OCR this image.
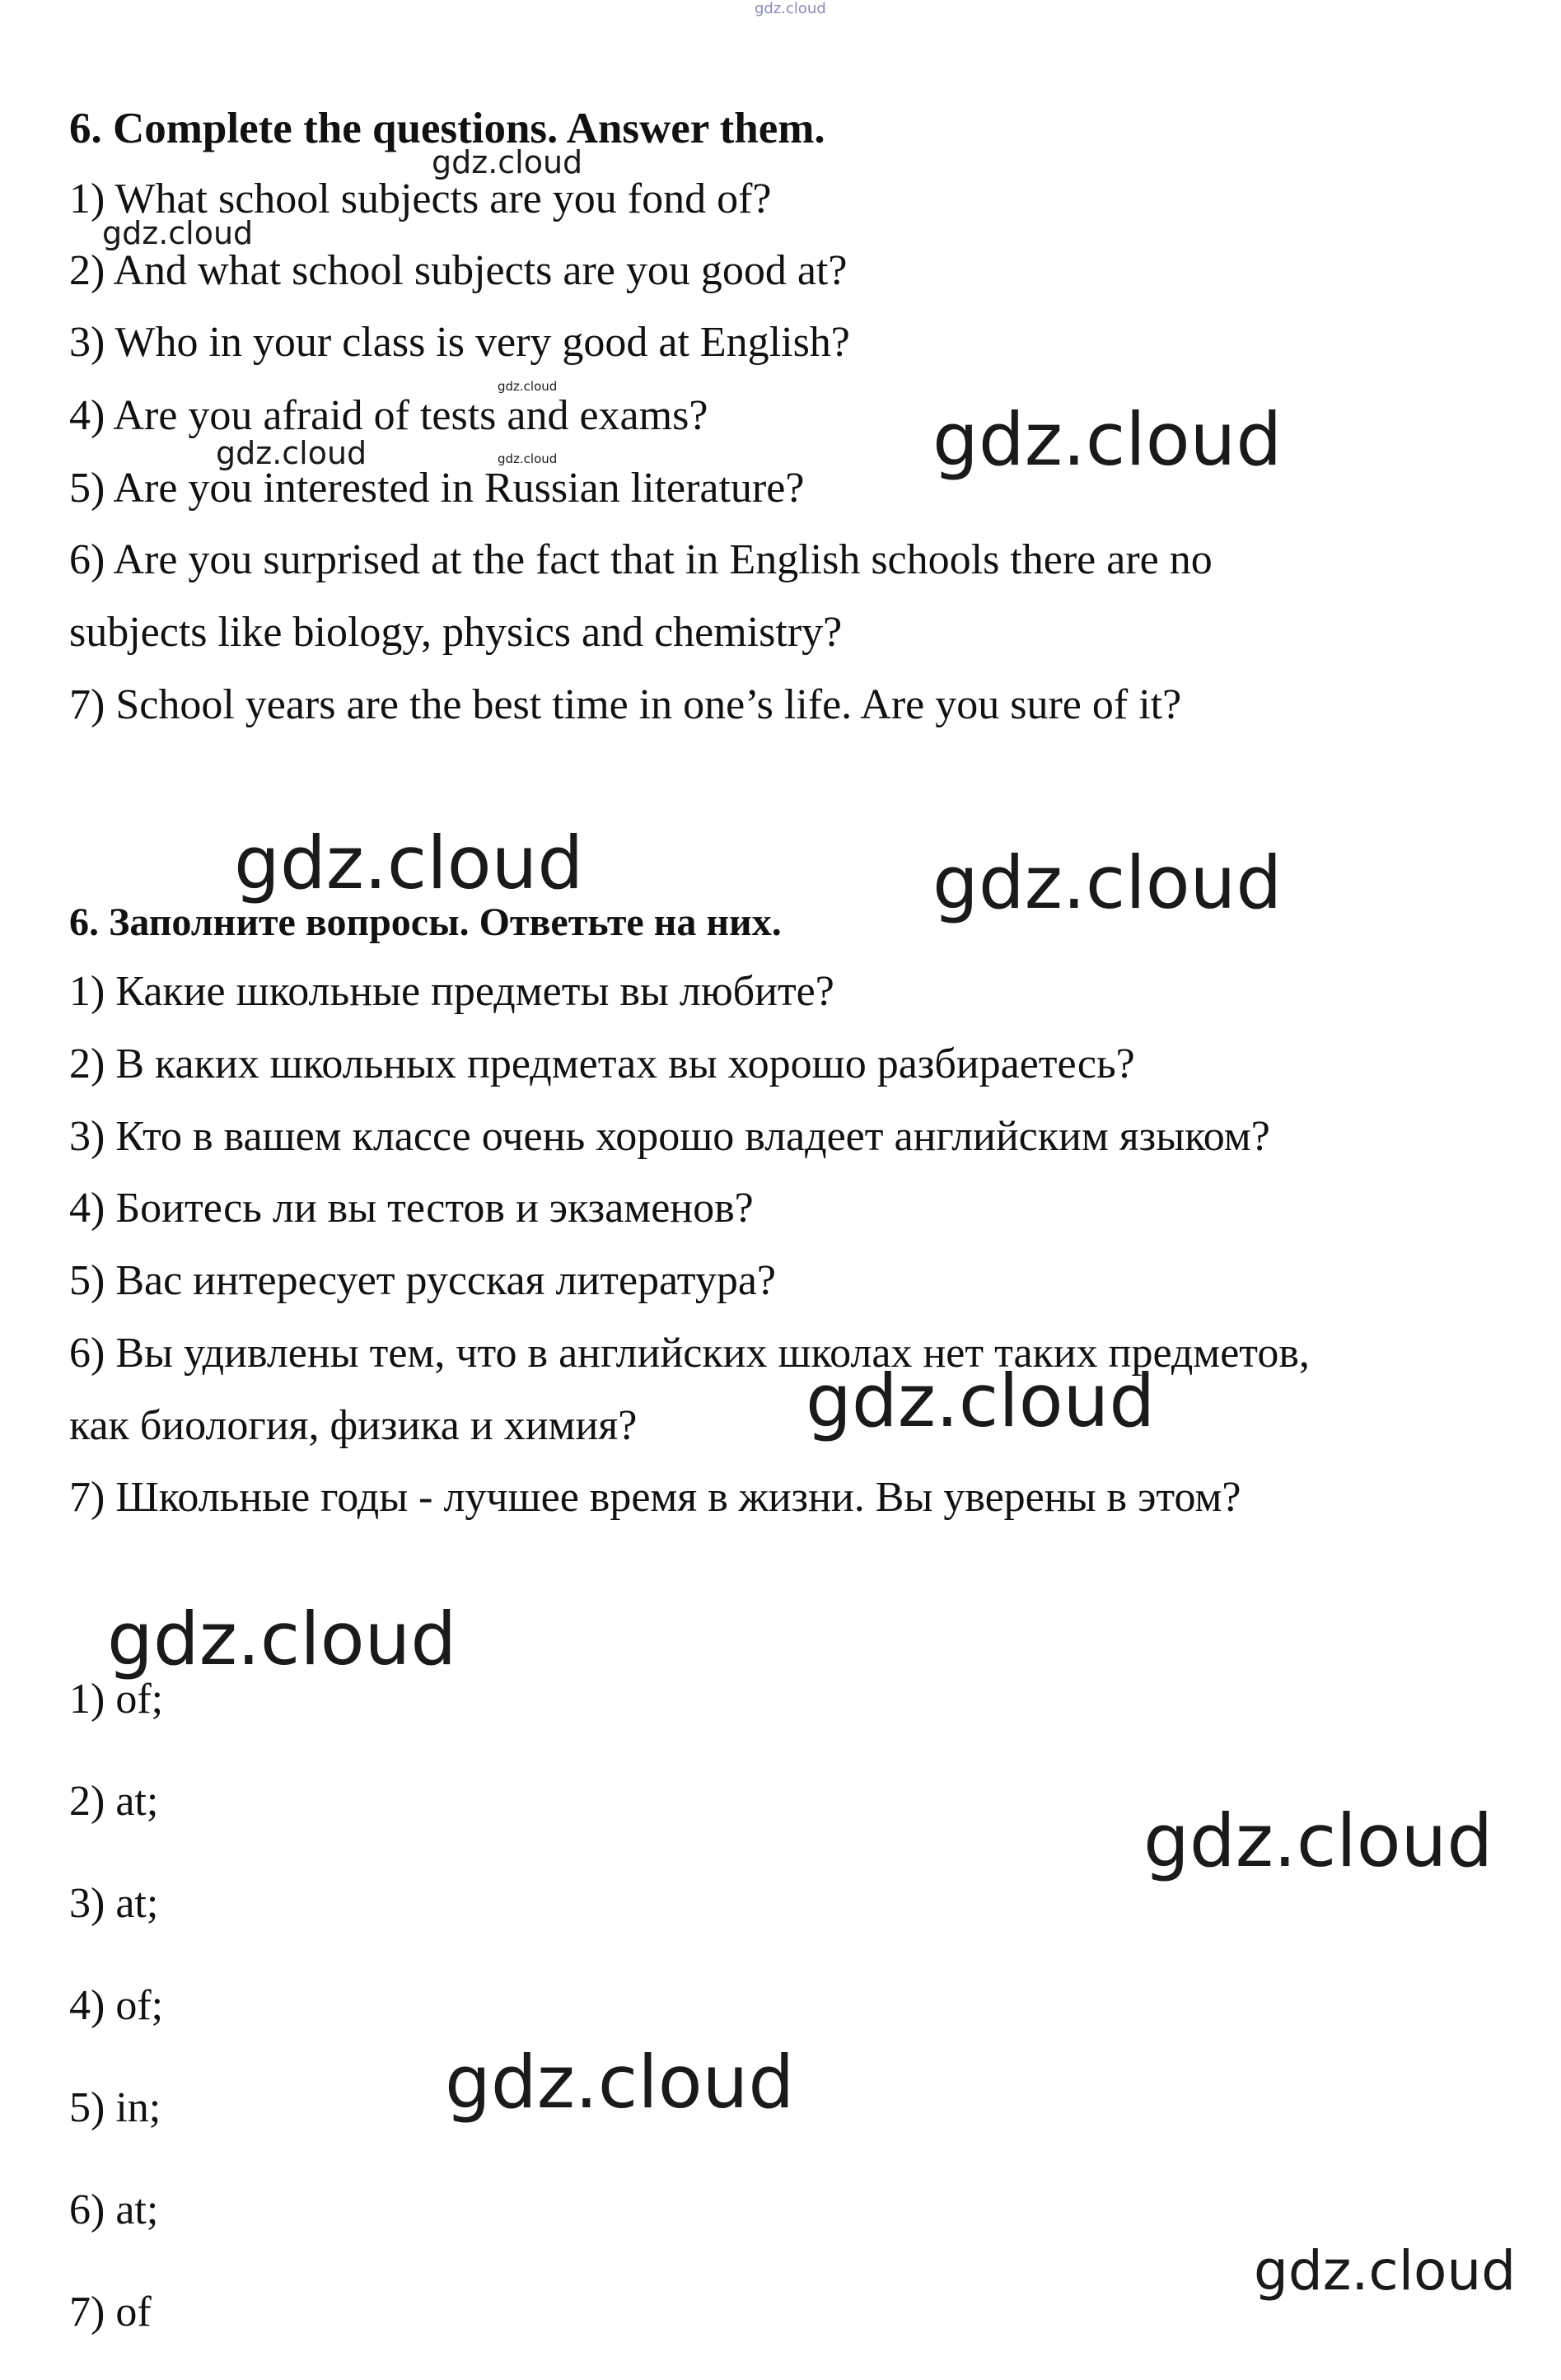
gdz.cloud
6. Complete the questions. Answer them.
1) What school subjects are you fond of?
2) And what school subjects are you good at?
3) Who in your class is very good at English?
4) Are you afraid of tests and exams?
5) Are you interested in Russian literature?
6) Are you surprised at the fact that in English schools there are no
subjects like biology, physics and chemistry?
7) School years are the best time in one’s life. Are you sure of it?
6. Заполните вопросы. Ответьте на них.
1) Какие школьные предметы вы любите?
2) В каких школьных предметах вы хорошо разбираетесь?
3) Кто в вашем классе очень хорошо владеет английским языком?
4) Боитесь ли вы тестов и экзаменов?
5) Вас интересует русская литература?
6) Вы удивлены тем, что в английских школах нет таких предметов,
как биология, физика и химия?
7) Школьные годы - лучшее время в жизни. Вы уверены в этом?
1) of;
2) at;
3) at;
4) of;
5) in;
6) at;
7) of
gdz.cloud
gdz.cloud
gdz.cloud
gdz.cloud	gdz.cloud	gdz.cloud
gdz.cloud	gdz.cloud
gdz.cloud
gdz.cloud
gdz.cloud
gdz.cloud
gdz.cloud
